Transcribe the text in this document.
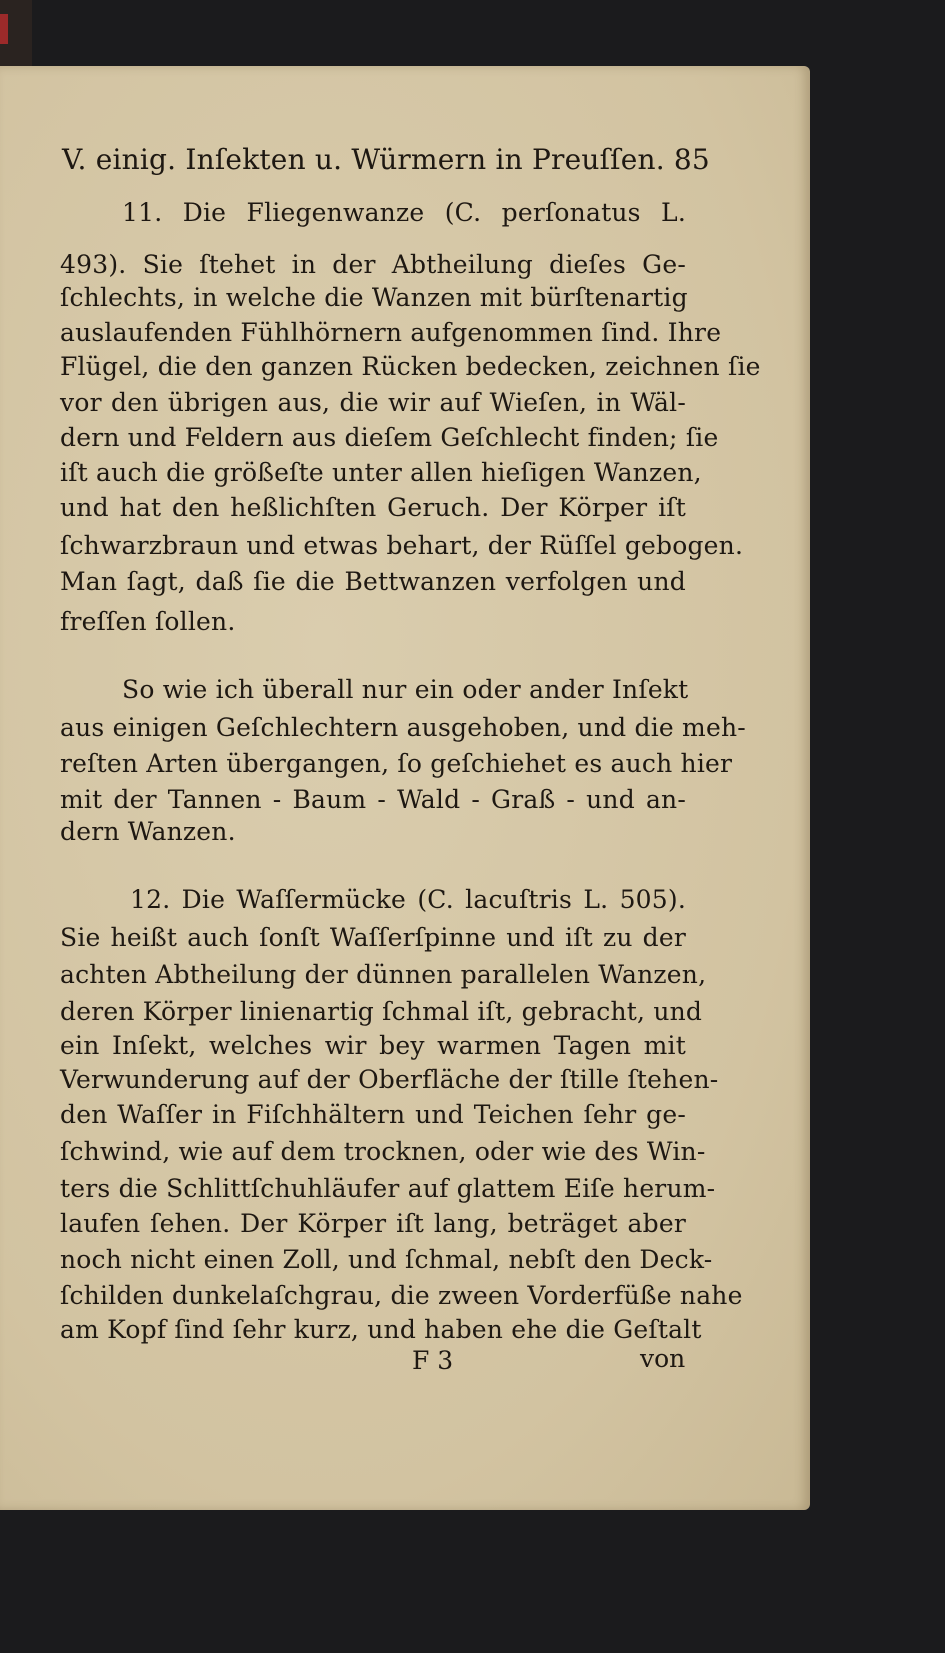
V. einig. Inſekten u. Würmern in Preuſſen. 85
11. Die Fliegenwanze (C. perſonatus L.
493). Sie ſtehet in der Abtheilung dieſes Ge-
ſchlechts, in welche die Wanzen mit bürſtenartig
auslaufenden Fühlhörnern aufgenommen ſind. Ihre
Flügel, die den ganzen Rücken bedecken, zeichnen ſie
vor den übrigen aus, die wir auf Wieſen, in Wäl-
dern und Feldern aus dieſem Geſchlecht finden; ſie
iſt auch die größeſte unter allen hieſigen Wanzen,
und hat den heßlichſten Geruch. Der Körper iſt
ſchwarzbraun und etwas behart, der Rüſſel gebogen.
Man ſagt, daß ſie die Bettwanzen verfolgen und
freſſen ſollen.
So wie ich überall nur ein oder ander Inſekt
aus einigen Geſchlechtern ausgehoben, und die meh-
reſten Arten übergangen, ſo geſchiehet es auch hier
mit der Tannen - Baum - Wald - Graß - und an-
dern Wanzen.
12. Die Waſſermücke (C. lacuſtris L. 505).
Sie heißt auch ſonſt Waſſerſpinne und iſt zu der
achten Abtheilung der dünnen parallelen Wanzen,
deren Körper linienartig ſchmal iſt, gebracht, und
ein Inſekt, welches wir bey warmen Tagen mit
Verwunderung auf der Oberfläche der ſtille ſtehen-
den Waſſer in Fiſchhältern und Teichen ſehr ge-
ſchwind, wie auf dem trocknen, oder wie des Win-
ters die Schlittſchuhläufer auf glattem Eiſe herum-
laufen ſehen. Der Körper iſt lang, beträget aber
noch nicht einen Zoll, und ſchmal, nebſt den Deck-
ſchilden dunkelaſchgrau, die zween Vorderfüße nahe
am Kopf ſind ſehr kurz, und haben ehe die Geſtalt
F 3	von
